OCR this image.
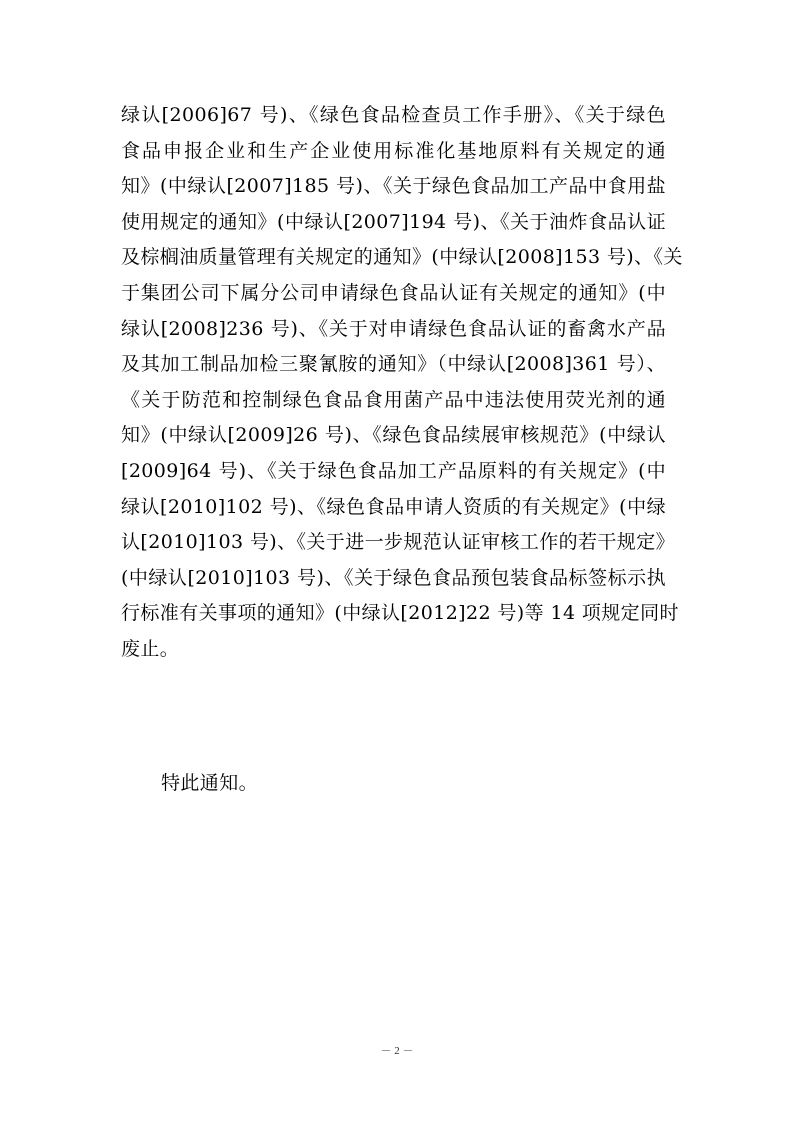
绿认[2006]67 号)、《绿色食品检查员工作手册》、《关于绿色
食品申报企业和生产企业使用标准化基地原料有关规定的通
知》(中绿认[2007]185 号)、《关于绿色食品加工产品中食用盐
使用规定的通知》(中绿认[2007]194 号)、《关于油炸食品认证
及棕榈油质量管理有关规定的通知》(中绿认[2008]153 号)、《关
于集团公司下属分公司申请绿色食品认证有关规定的通知》(中
绿认[2008]236 号)、《关于对申请绿色食品认证的畜禽水产品
及其加工制品加检三聚氰胺的通知》（中绿认[2008]361 号）、
《关于防范和控制绿色食品食用菌产品中违法使用荧光剂的通
知》(中绿认[2009]26 号)、《绿色食品续展审核规范》(中绿认
[2009]64 号)、《关于绿色食品加工产品原料的有关规定》(中
绿认[2010]102 号)、《绿色食品申请人资质的有关规定》(中绿
认[2010]103 号)、《关于进一步规范认证审核工作的若干规定》
(中绿认[2010]103 号)、《关于绿色食品预包装食品标签标示执
行标准有关事项的通知》(中绿认[2012]22 号)等 14 项规定同时
废止。
特此通知。
－ 2 －
